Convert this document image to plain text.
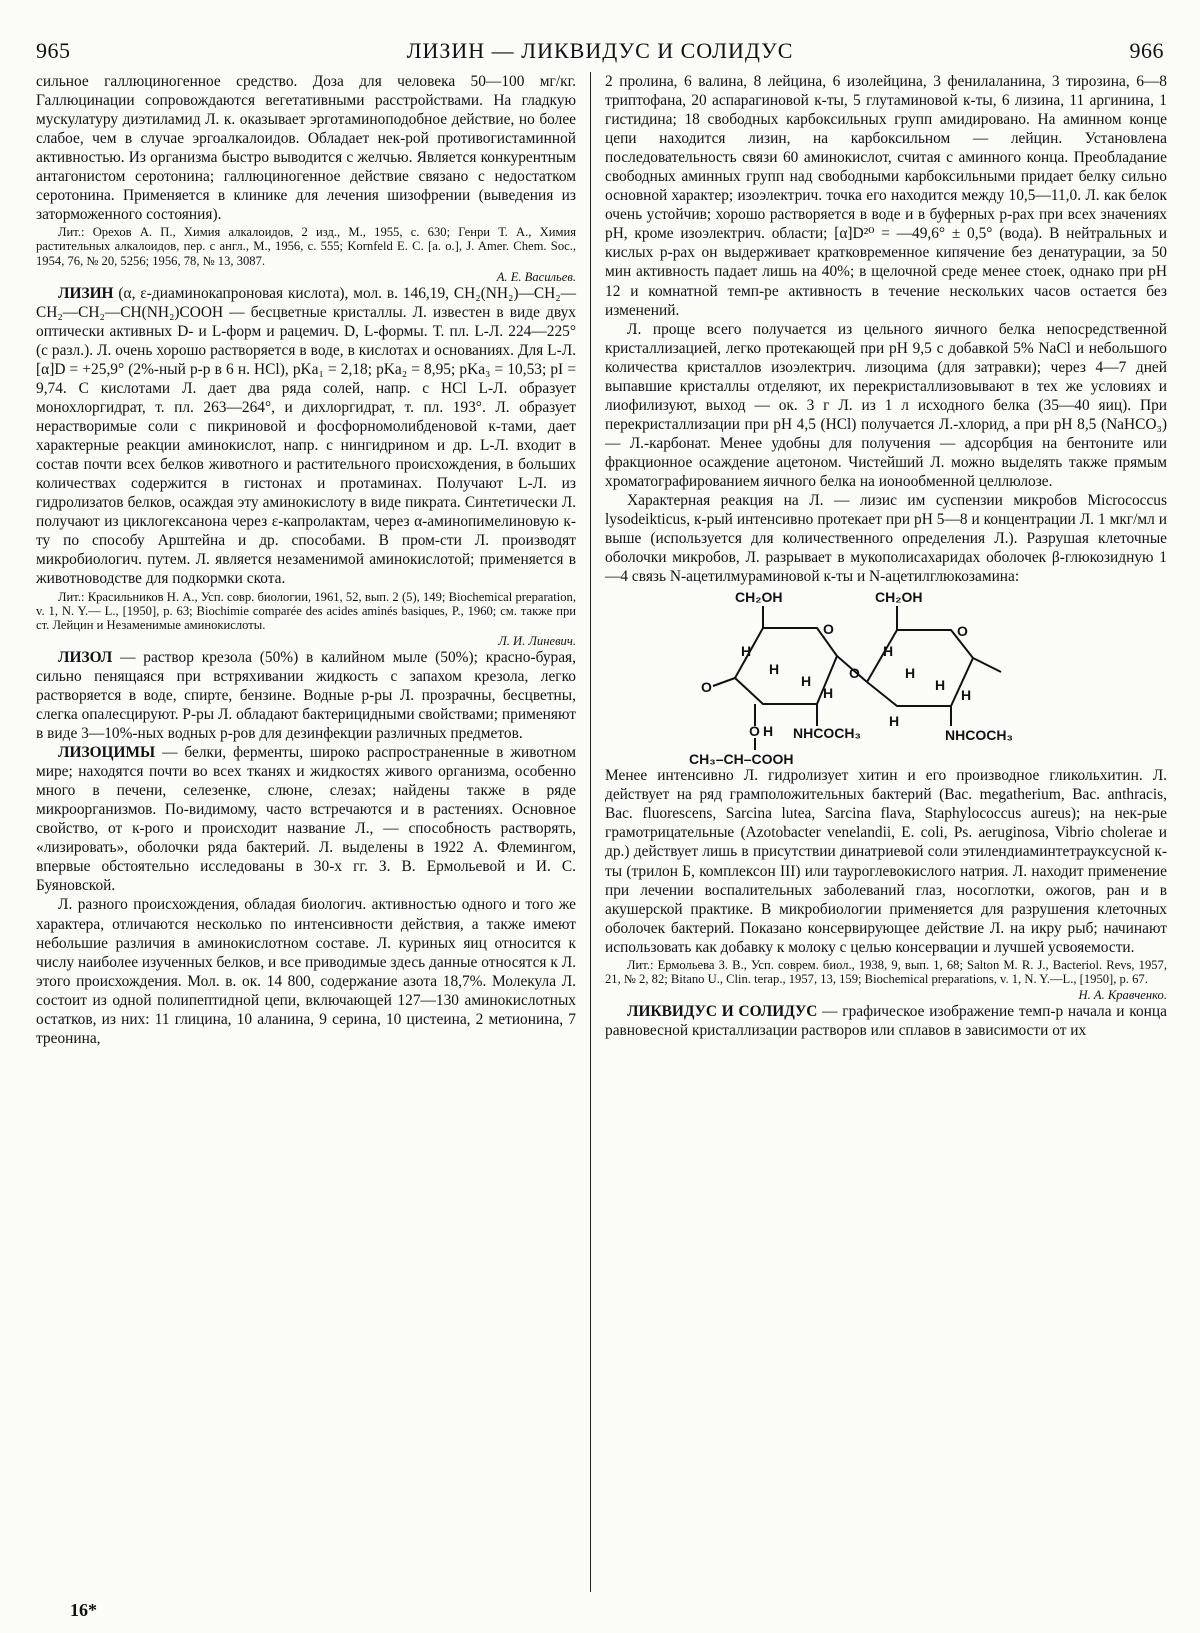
965	ЛИЗИН — ЛИКВИДУС И СОЛИДУС	966

сильное галлюциногенное средство. Доза для человека 50—100 мг/кг. Галлюцинации сопровождаются вегетативными расстройствами. На гладкую мускулатуру диэтиламид Л. к. оказывает эрготаминоподобное действие, но более слабое, чем в случае эргоалкалоидов. Обладает нек-рой противогистаминной активностью. Из организма быстро выводится с желчью. Является конкурентным антагонистом серотонина; галлюциногенное действие связано с недостатком серотонина. Применяется в клинике для лечения шизофрении (выведения из заторможенного состояния).

Лит.: Орехов А. П., Химия алкалоидов, 2 изд., М., 1955, с. 630; Генри Т. А., Химия растительных алкалоидов, пер. с англ., М., 1956, с. 555; Kornfeld E. C. [a. o.], J. Amer. Chem. Soc., 1954, 76, № 20, 5256; 1956, 78, № 13, 3087.
А. Е. Васильев.

ЛИЗИН (α, ε-диаминокапроновая кислота), мол. в. 146,19, CH₂(NH₂)—CH₂—CH₂—CH₂—CH(NH₂)COOH — бесцветные кристаллы. Л. известен в виде двух оптически активных D- и L-форм и рацемич. D, L-формы. Т. пл. L-Л. 224—225° (с разл.). Л. очень хорошо растворяется в воде, в кислотах и основаниях. Для L-Л. [α]D = +25,9° (2%-ный р-р в 6 н. HCl), pKa₁ = 2,18; pKa₂ = 8,95; pKa₃ = 10,53; pI = 9,74. С кислотами Л. дает два ряда солей, напр. с HCl L-Л. образует монохлоргидрат, т. пл. 263—264°, и дихлоргидрат, т. пл. 193°. Л. образует нерастворимые соли с пикриновой и фосфорномолибденовой к-тами, дает характерные реакции аминокислот, напр. с нингидрином и др. L-Л. входит в состав почти всех белков животного и растительного происхождения, в больших количествах содержится в гистонах и протаминах. Получают L-Л. из гидролизатов белков, осаждая эту аминокислоту в виде пикрата. Синтетически Л. получают из циклогексанона через ε-капролактам, через α-аминопимелиновую к-ту по способу Арштейна и др. способами. В пром-сти Л. производят микробиологич. путем. Л. является незаменимой аминокислотой; применяется в животноводстве для подкормки скота.

Лит.: Красильников Н. А., Усп. совр. биологии, 1961, 52, вып. 2 (5), 149; Biochemical preparation, v. 1, N. Y.— L., [1950], р. 63; Biochimie comparée des acides aminés basiques, P., 1960; см. также при ст. Лейцин и Незаменимые аминокислоты.
Л. И. Линевич.

ЛИЗОЛ — раствор крезола (50%) в калийном мыле (50%); красно-бурая, сильно пенящаяся при встряхивании жидкость с запахом крезола, легко растворяется в воде, спирте, бензине. Водные р-ры Л. прозрачны, бесцветны, слегка опалесцируют. Р-ры Л. обладают бактерицидными свойствами; применяют в виде 3—10%-ных водных р-ров для дезинфекции различных предметов.

ЛИЗОЦИМЫ — белки, ферменты, широко распространенные в животном мире; находятся почти во всех тканях и жидкостях живого организма, особенно много в печени, селезенке, слюне, слезах; найдены также в ряде микроорганизмов. По-видимому, часто встречаются и в растениях. Основное свойство, от к-рого и происходит название Л., — способность растворять, «лизировать», оболочки ряда бактерий. Л. выделены в 1922 А. Флемингом, впервые обстоятельно исследованы в 30-х гг. З. В. Ермольевой и И. С. Буяновской.

Л. разного происхождения, обладая биологич. активностью одного и того же характера, отличаются несколько по интенсивности действия, а также имеют небольшие различия в аминокислотном составе. Л. куриных яиц относится к числу наиболее изученных белков, и все приводимые здесь данные относятся к Л. этого происхождения. Мол. в. ок. 14 800, содержание азота 18,7%. Молекула Л. состоит из одной полипептидной цепи, включающей 127—130 аминокислотных остатков, из них: 11 глицина, 10 аланина, 9 серина, 10 цистеина, 2 метионина, 7 треонина,

2 пролина, 6 валина, 8 лейцина, 6 изолейцина, 3 фенилаланина, 3 тирозина, 6—8 триптофана, 20 аспарагиновой к-ты, 5 глутаминовой к-ты, 6 лизина, 11 аргинина, 1 гистидина; 18 свободных карбоксильных групп амидировано. На аминном конце цепи находится лизин, на карбоксильном — лейцин. Установлена последовательность связи 60 аминокислот, считая с аминного конца. Преобладание свободных аминных групп над свободными карбоксильными придает белку сильно основной характер; изоэлектрич. точка его находится между 10,5—11,0. Л. как белок очень устойчив; хорошо растворяется в воде и в буферных р-рах при всех значениях pH, кроме изоэлектрич. области; [α]D²⁰ = —49,6° ± 0,5° (вода). В нейтральных и кислых р-рах он выдерживает кратковременное кипячение без денатурации, за 50 мин активность падает лишь на 40%; в щелочной среде менее стоек, однако при pH 12 и комнатной темп-ре активность в течение нескольких часов остается без изменений.

Л. проще всего получается из цельного яичного белка непосредственной кристаллизацией, легко протекающей при pH 9,5 с добавкой 5% NaCl и небольшого количества кристаллов изоэлектрич. лизоцима (для затравки); через 4—7 дней выпавшие кристаллы отделяют, их перекристаллизовывают в тех же условиях и лиофилизуют, выход — ок. 3 г Л. из 1 л исходного белка (35—40 яиц). При перекристаллизации при pH 4,5 (HCl) получается Л.-хлорид, а при pH 8,5 (NaHCO₃) — Л.-карбонат. Менее удобны для получения — адсорбция на бентоните или фракционное осаждение ацетоном. Чистейший Л. можно выделять также прямым хроматографированием яичного белка на ионообменной целлюлозе.

Характерная реакция на Л. — лизис им суспензии микробов Micrococcus lysodeikticus, к-рый интенсивно протекает при pH 5—8 и концентрации Л. 1 мкг/мл и выше (используется для количественного определения Л.). Разрушая клеточные оболочки микробов, Л. разрывает в мукополисахаридах оболочек β-глюкозидную 1—4 связь N-ацетилмураминовой к-ты и N-ацетилглюкозамина:

CH₂OH	CH₂OH
O	O
O
O
H
H
H
H
H
H
H
H
H
H
O NHCOCH₃	NHCOCH₃
CH₃–CH–COOH

Менее интенсивно Л. гидролизует хитин и его производное гликольхитин. Л. действует на ряд грамположительных бактерий (Bac. megatherium, Bac. anthracis, Bac. fluorescens, Sarcina lutea, Sarcina flava, Staphylococcus aureus); на нек-рые грамотрицательные (Azotobacter venelandii, E. coli, Ps. aeruginosa, Vibrio cholerae и др.) действует лишь в присутствии динатриевой соли этилендиаминтетрауксусной к-ты (трилон Б, комплексон III) или тауроглевокислого натрия. Л. находит применение при лечении воспалительных заболеваний глаз, носоглотки, ожогов, ран и в акушерской практике. В микробиологии применяется для разрушения клеточных оболочек бактерий. Показано консервирующее действие Л. на икру рыб; начинают использовать как добавку к молоку с целью консервации и лучшей усвояемости.

Лит.: Ермольева З. В., Усп. соврем. биол., 1938, 9, вып. 1, 68; Salton M. R. J., Bacteriol. Revs, 1957, 21, № 2, 82; Bitano U., Clin. terap., 1957, 13, 159; Biochemical preparations, v. 1, N. Y.—L., [1950], р. 67.
Н. А. Кравченко.

ЛИКВИДУС И СОЛИДУС — графическое изображение темп-р начала и конца равновесной кристаллизации растворов или сплавов в зависимости от их

16*
